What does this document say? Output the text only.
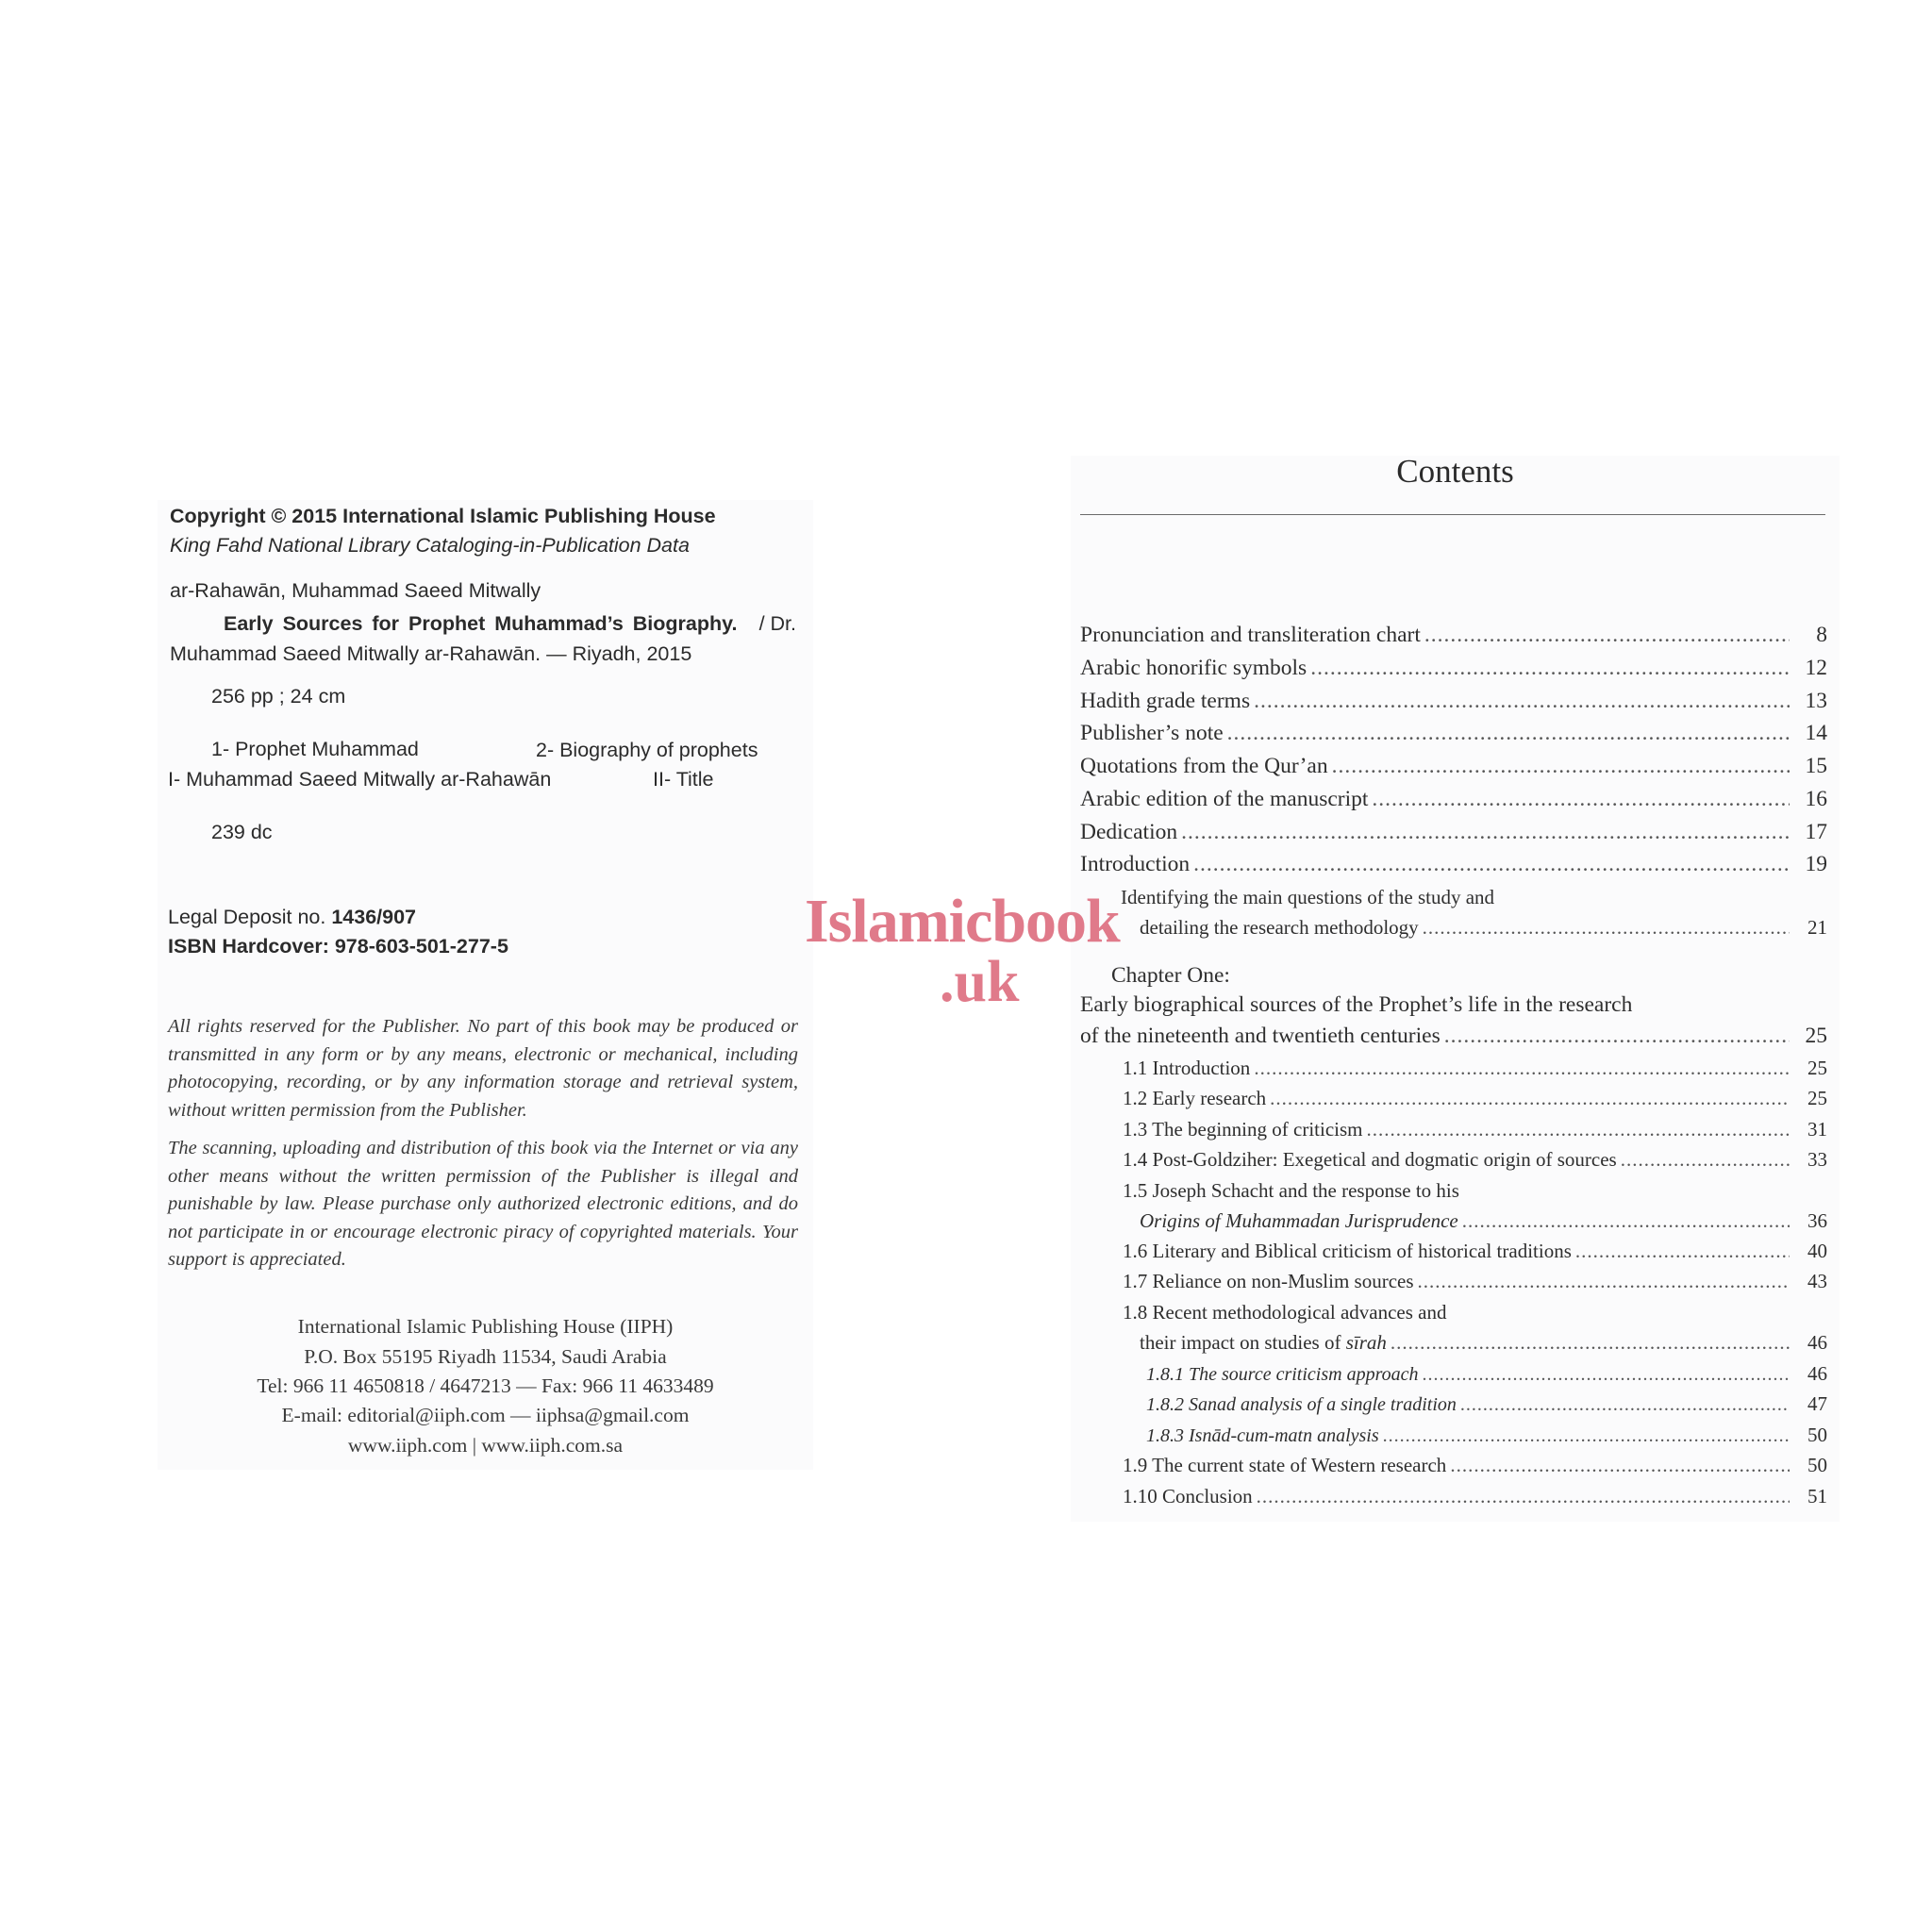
Copyright © 2015 International Islamic Publishing House
King Fahd National Library Cataloging-in-Publication Data
ar-Rahawān, Muhammad Saeed Mitwally
Early Sources for Prophet Muhammad’s Biography. / Dr.
Muhammad Saeed Mitwally ar-Rahawān. — Riyadh, 2015
256 pp ; 24 cm
1- Prophet Muhammad	2- Biography of prophets
I- Muhammad Saeed Mitwally ar-Rahawān	II- Title
239 dc
Legal Deposit no. 1436/907
ISBN Hardcover: 978-603-501-277-5
All rights reserved for the Publisher. No part of this book may be produced or transmitted in any form or by any means, electronic or mechanical, including photocopying, recording, or by any information storage and retrieval system, without written permission from the Publisher.
The scanning, uploading and distribution of this book via the Internet or via any other means without the written permission of the Publisher is illegal and punishable by law. Please purchase only authorized electronic editions, and do not participate in or encourage electronic piracy of copyrighted materials. Your support is appreciated.
International Islamic Publishing House (IIPH)
P.O. Box 55195 Riyadh 11534, Saudi Arabia
Tel: 966 11 4650818 / 4647213 — Fax: 966 11 4633489
E-mail: editorial@iiph.com — iiphsa@gmail.com
www.iiph.com | www.iiph.com.sa
Contents
Pronunciation and transliteration chart .....	8
Arabic honorific symbols .....	12
Hadith grade terms .....	13
Publisher’s note .....	14
Quotations from the Qur’an .....	15
Arabic edition of the manuscript .....	16
Dedication .....	17
Introduction .....	19
Identifying the main questions of the study and
detailing the research methodology .....	21
Chapter One:
Early biographical sources of the Prophet’s life in the research
of the nineteenth and twentieth centuries .....	25
1.1 Introduction .....	25
1.2 Early research .....	25
1.3 The beginning of criticism .....	31
1.4 Post-Goldziher: Exegetical and dogmatic origin of sources .....	33
1.5 Joseph Schacht and the response to his
Origins of Muhammadan Jurisprudence .....	36
1.6 Literary and Biblical criticism of historical traditions .....	40
1.7 Reliance on non-Muslim sources .....	43
1.8 Recent methodological advances and
their impact on studies of sīrah .....	46
1.8.1 The source criticism approach .....	46
1.8.2 Sanad analysis of a single tradition .....	47
1.8.3 Isnād-cum-matn analysis .....	50
1.9 The current state of Western research .....	50
1.10 Conclusion .....	51
Islamicbook
.uk
